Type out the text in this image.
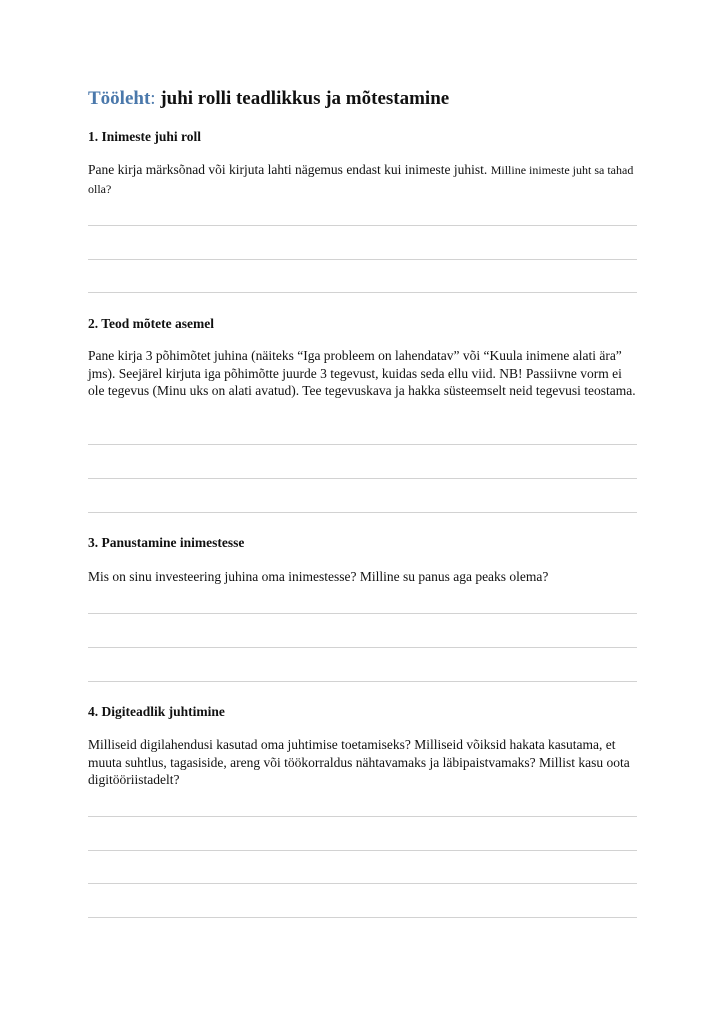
Tööleht: juhi rolli teadlikkus ja mõtestamine

1. Inimeste juhi roll

Pane kirja märksõnad või kirjuta lahti nägemus endast kui inimeste juhist. Milline inimeste juht sa tahad olla?

2. Teod mõtete asemel

Pane kirja 3 põhimõtet juhina (näiteks “Iga probleem on lahendatav” või “Kuula inimene alati ära” jms). Seejärel kirjuta iga põhimõtte juurde 3 tegevust, kuidas seda ellu viid. NB! Passiivne vorm ei ole tegevus (Minu uks on alati avatud). Tee tegevuskava ja hakka süsteemselt neid tegevusi teostama.

3. Panustamine inimestesse

Mis on sinu investeering juhina oma inimestesse? Milline su panus aga peaks olema?

4. Digiteadlik juhtimine

Milliseid digilahendusi kasutad oma juhtimise toetamiseks? Milliseid võiksid hakata kasutama, et muuta suhtlus, tagasiside, areng või töökorraldus nähtavamaks ja läbipaistvamaks? Millist kasu oota digitööriistadelt?
